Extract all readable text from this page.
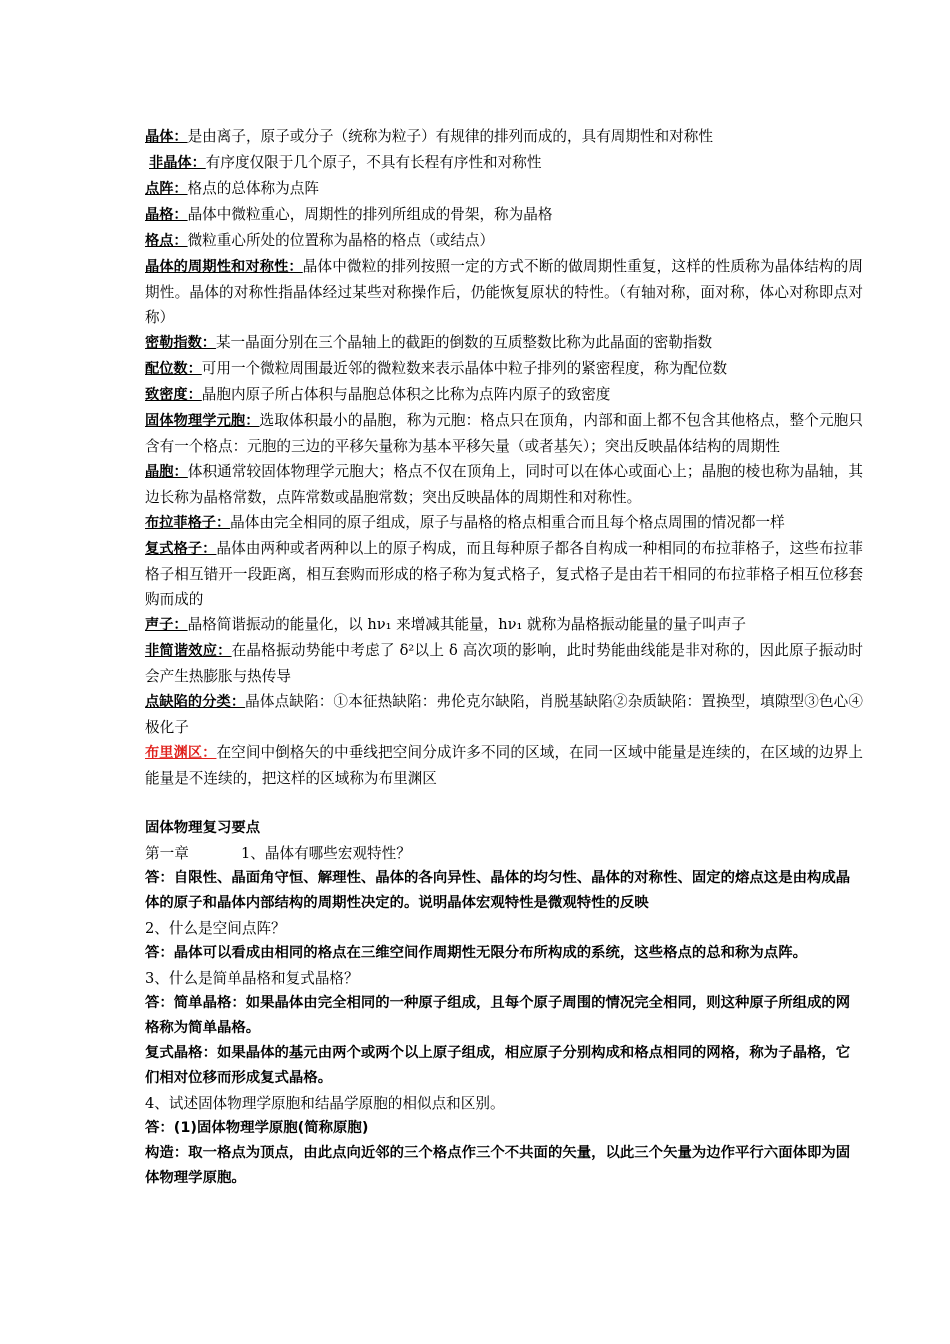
晶体：是由离子，原子或分子（统称为粒子）有规律的排列而成的，具有周期性和对称性

非晶体：有序度仅限于几个原子，不具有长程有序性和对称性

点阵：格点的总体称为点阵

晶格：晶体中微粒重心，周期性的排列所组成的骨架，称为晶格

格点：微粒重心所处的位置称为晶格的格点（或结点）

晶体的周期性和对称性：晶体中微粒的排列按照一定的方式不断的做周期性重复，这样的性质称为晶体结构的周期性。晶体的对称性指晶体经过某些对称操作后，仍能恢复原状的特性。（有轴对称，面对称，体心对称即点对称）

密勒指数：某一晶面分别在三个晶轴上的截距的倒数的互质整数比称为此晶面的密勒指数

配位数：可用一个微粒周围最近邻的微粒数来表示晶体中粒子排列的紧密程度，称为配位数

致密度：晶胞内原子所占体积与晶胞总体积之比称为点阵内原子的致密度

固体物理学元胞：选取体积最小的晶胞，称为元胞：格点只在顶角，内部和面上都不包含其他格点，整个元胞只含有一个格点：元胞的三边的平移矢量称为基本平移矢量（或者基矢）；突出反映晶体结构的周期性

晶胞：体积通常较固体物理学元胞大；格点不仅在顶角上，同时可以在体心或面心上；晶胞的棱也称为晶轴，其边长称为晶格常数，点阵常数或晶胞常数；突出反映晶体的周期性和对称性。

布拉菲格子：晶体由完全相同的原子组成，原子与晶格的格点相重合而且每个格点周围的情况都一样

复式格子：晶体由两种或者两种以上的原子构成，而且每种原子都各自构成一种相同的布拉菲格子，这些布拉菲格子相互错开一段距离，相互套购而形成的格子称为复式格子，复式格子是由若干相同的布拉菲格子相互位移套购而成的

声子：晶格简谐振动的能量化，以 hν₁ 来增减其能量，hν₁ 就称为晶格振动能量的量子叫声子

非简谐效应：在晶格振动势能中考虑了 δ²以上 δ 高次项的影响，此时势能曲线能是非对称的，因此原子振动时会产生热膨胀与热传导

点缺陷的分类：晶体点缺陷：①本征热缺陷：弗伦克尔缺陷，肖脱基缺陷②杂质缺陷：置换型，填隙型③色心④极化子

布里渊区：在空间中倒格矢的中垂线把空间分成许多不同的区域，在同一区域中能量是连续的，在区域的边界上能量是不连续的，把这样的区域称为布里渊区

固体物理复习要点

第一章	1、晶体有哪些宏观特性？

答：自限性、晶面角守恒、解理性、晶体的各向异性、晶体的均匀性、晶体的对称性、固定的熔点这是由构成晶体的原子和晶体内部结构的周期性决定的。说明晶体宏观特性是微观特性的反映

2、什么是空间点阵？

答：晶体可以看成由相同的格点在三维空间作周期性无限分布所构成的系统，这些格点的总和称为点阵。

3、什么是简单晶格和复式晶格？

答：简单晶格：如果晶体由完全相同的一种原子组成，且每个原子周围的情况完全相同，则这种原子所组成的网格称为简单晶格。

复式晶格：如果晶体的基元由两个或两个以上原子组成，相应原子分别构成和格点相同的网格，称为子晶格，它们相对位移而形成复式晶格。

4、试述固体物理学原胞和结晶学原胞的相似点和区别。

答：(1)固体物理学原胞(简称原胞)

构造：取一格点为顶点，由此点向近邻的三个格点作三个不共面的矢量，以此三个矢量为边作平行六面体即为固体物理学原胞。
